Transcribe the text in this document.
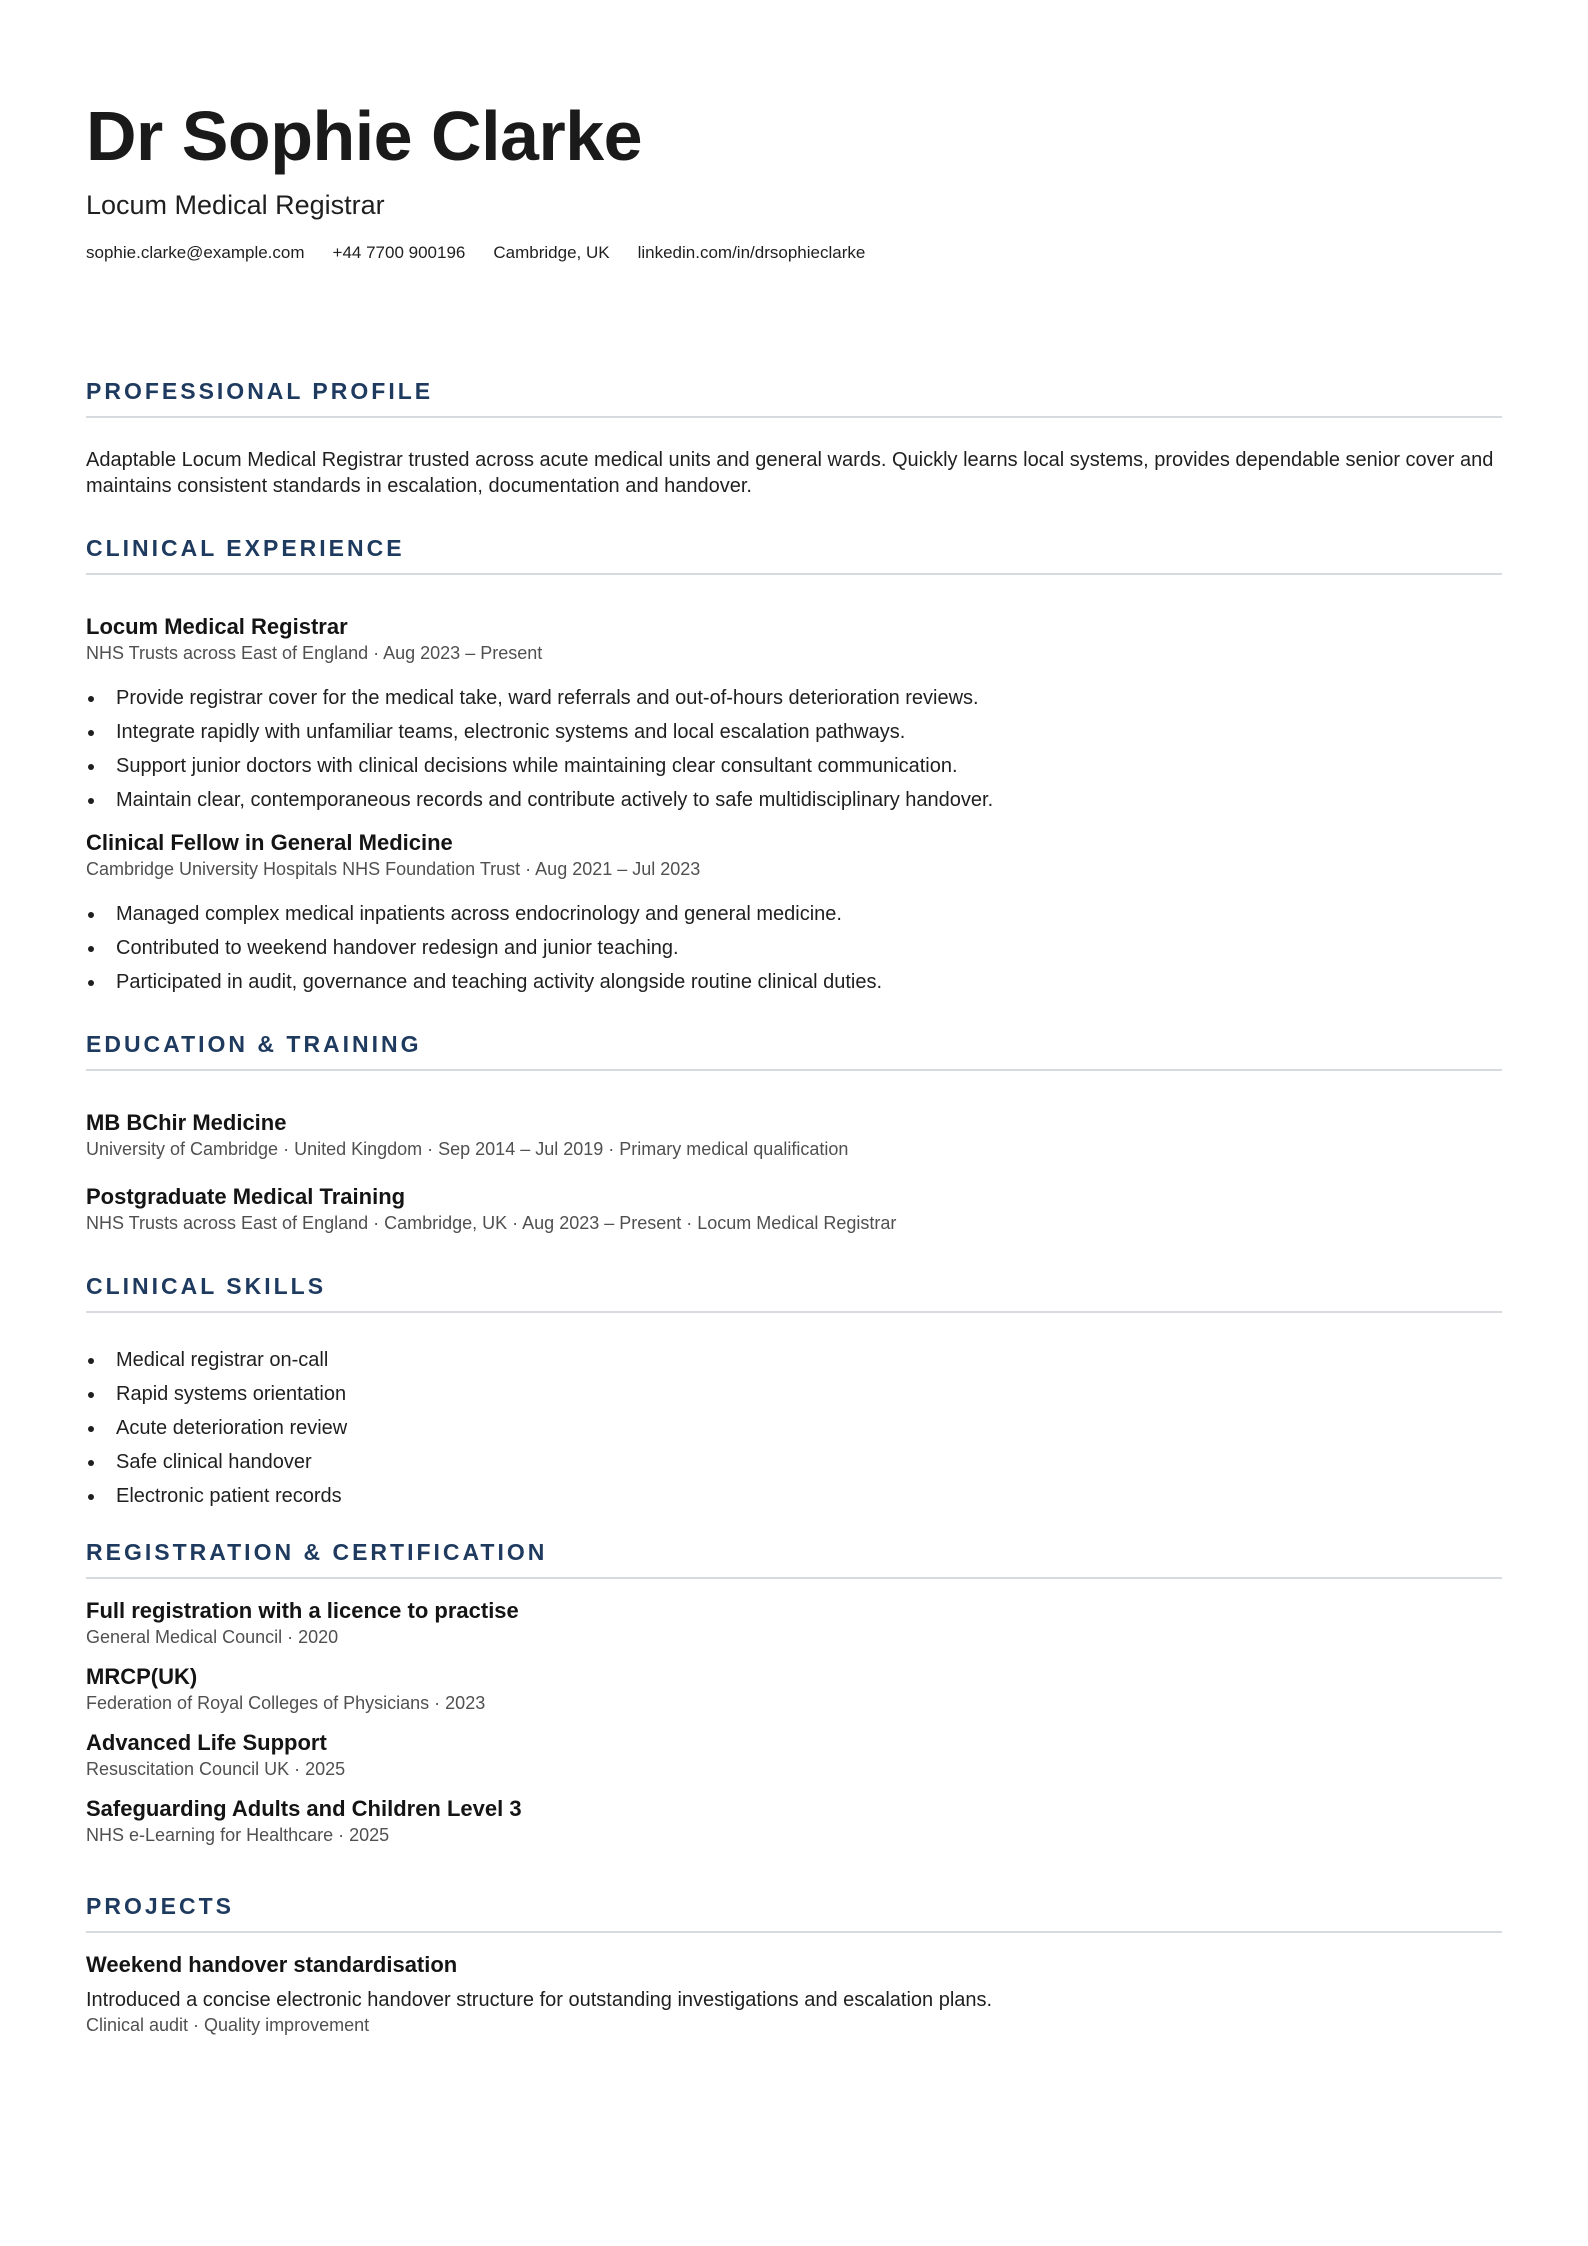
Dr Sophie Clarke
Locum Medical Registrar
sophie.clarke@example.com +44 7700 900196 Cambridge, UK linkedin.com/in/drsophieclarke
PROFESSIONAL PROFILE
Adaptable Locum Medical Registrar trusted across acute medical units and general wards. Quickly learns local systems, provides dependable senior cover and maintains consistent standards in escalation, documentation and handover.
CLINICAL EXPERIENCE
Locum Medical Registrar
NHS Trusts across East of England · Aug 2023 – Present
Provide registrar cover for the medical take, ward referrals and out-of-hours deterioration reviews.
Integrate rapidly with unfamiliar teams, electronic systems and local escalation pathways.
Support junior doctors with clinical decisions while maintaining clear consultant communication.
Maintain clear, contemporaneous records and contribute actively to safe multidisciplinary handover.
Clinical Fellow in General Medicine
Cambridge University Hospitals NHS Foundation Trust · Aug 2021 – Jul 2023
Managed complex medical inpatients across endocrinology and general medicine.
Contributed to weekend handover redesign and junior teaching.
Participated in audit, governance and teaching activity alongside routine clinical duties.
EDUCATION & TRAINING
MB BChir Medicine
University of Cambridge · United Kingdom · Sep 2014 – Jul 2019 · Primary medical qualification
Postgraduate Medical Training
NHS Trusts across East of England · Cambridge, UK · Aug 2023 – Present · Locum Medical Registrar
CLINICAL SKILLS
Medical registrar on-call
Rapid systems orientation
Acute deterioration review
Safe clinical handover
Electronic patient records
REGISTRATION & CERTIFICATION
Full registration with a licence to practise
General Medical Council · 2020
MRCP(UK)
Federation of Royal Colleges of Physicians · 2023
Advanced Life Support
Resuscitation Council UK · 2025
Safeguarding Adults and Children Level 3
NHS e-Learning for Healthcare · 2025
PROJECTS
Weekend handover standardisation
Introduced a concise electronic handover structure for outstanding investigations and escalation plans.
Clinical audit · Quality improvement
